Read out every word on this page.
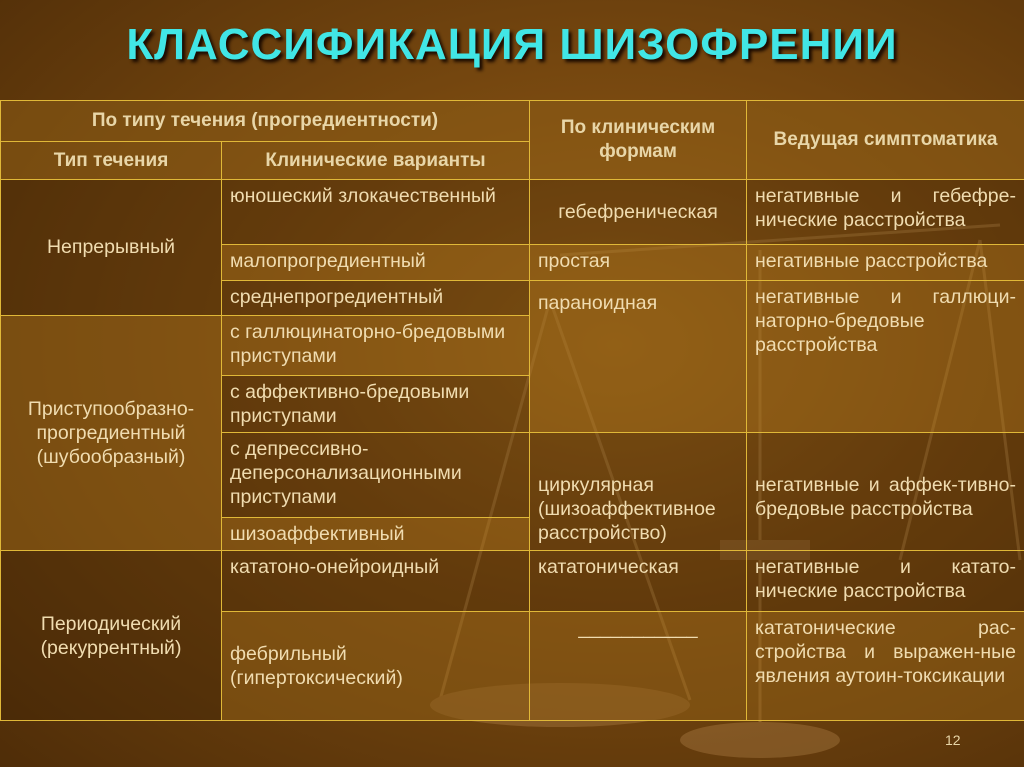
КЛАССИФИКАЦИЯ ШИЗОФРЕНИИ
По типу течения (прогредиентности)		По клиническим формам	Ведущая симптоматика
Тип течения	Клинические варианты		
Непрерывный	юношеский злокачественный	гебефреническая	негативные и гебефре-нические расстройства
	малопрогредиентный	простая	негативные расстройства
	среднепрогредиентный	параноидная	негативные и галлюци-наторно-бредовые расстройства
Приступообразно-прогредиентный (шубообразный)	с галлюцинаторно-бредовыми приступами		
	с аффективно-бредовыми приступами		
	с депрессивно-деперсонализационными приступами	циркулярная (шизоаффективное расстройство)	негативные и аффек-тивно-бредовые расстройства
	шизоаффективный		
Периодический (рекуррентный)	кататоно-онейроидный	кататоническая	негативные и катато-нические расстройства
	фебрильный (гипертоксический)	___________	кататонические рас-стройства и выражен-ные явления аутоин-токсикации
12
